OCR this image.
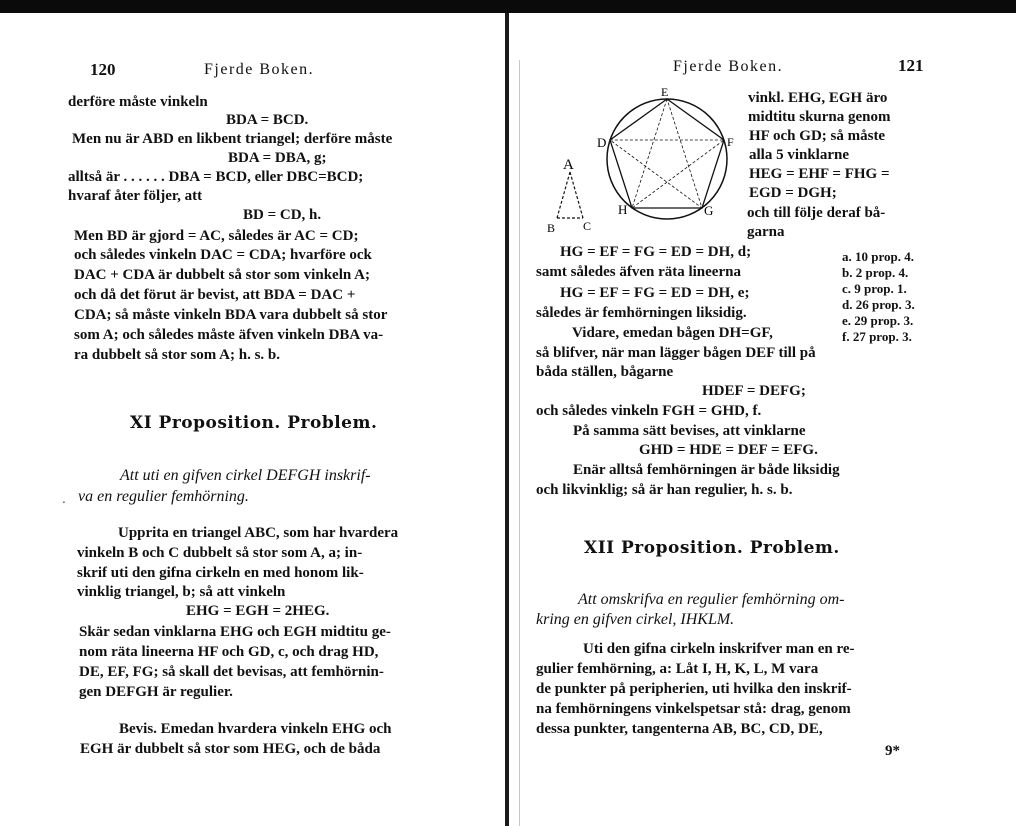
120	Fjerde Boken.

derföre måste vinkeln

BDA = BCD.

Men nu är ABD en likbent triangel; derföre måste

BDA = DBA, g;

alltså är . . . . . . DBA = BCD, eller DBC=BCD;

hvaraf åter följer, att

BD = CD, h.

Men BD är gjord = AC, således är AC = CD;

och således vinkeln DAC = CDA; hvarföre ock

DAC + CDA är dubbelt så stor som vinkeln A;

och då det förut är bevist, att BDA = DAC +

CDA; så måste vinkeln BDA vara dubbelt så stor

som A; och således måste äfven vinkeln DBA va-

ra dubbelt så stor som A; h. s. b.

XI Proposition. Problem.

Att uti en gifven cirkel DEFGH inskrif-

va en regulier femhörning.

.

Upprita en triangel ABC, som har hvardera

vinkeln B och C dubbelt så stor som A, a; in-

skrif uti den gifna cirkeln en med honom lik-

vinklig triangel, b; så att vinkeln

EHG = EGH = 2HEG.

Skär sedan vinklarna EHG och EGH midtitu ge-

nom räta lineerna HF och GD, c, och drag HD,

DE, EF, FG; så skall det bevisas, att femhörnin-

gen DEFGH är regulier.

Bevis. Emedan hvardera vinkeln EHG och

EGH är dubbelt så stor som HEG, och de båda

Fjerde Boken.	121

A
B C
E
D	F
H	G

vinkl. EHG, EGH äro

midtitu skurna genom

HF och GD; så måste

alla 5 vinklarne

HEG = EHF = FHG =

EGD = DGH;

och till följe deraf bå-

garna

HG = EF = FG = ED = DH, d;

samt således äfven räta lineerna

HG = EF = FG = ED = DH, e;

således är femhörningen liksidig.

Vidare, emedan bågen DH=GF,

så blifver, när man lägger bågen DEF till på

båda ställen, bågarne

HDEF = DEFG;

och således vinkeln FGH = GHD, f.

På samma sätt bevises, att vinklarne

GHD = HDE = DEF = EFG.

Enär alltså femhörningen är både liksidig

och likvinklig; så är han regulier, h. s. b.

a. 10 prop. 4.

b. 2 prop. 4.

c. 9 prop. 1.

d. 26 prop. 3.

e. 29 prop. 3.

f. 27 prop. 3.

XII Proposition. Problem.

Att omskrifva en regulier femhörning om-

kring en gifven cirkel, IHKLM.

Uti den gifna cirkeln inskrifver man en re-

gulier femhörning, a: Låt I, H, K, L, M vara

de punkter på peripherien, uti hvilka den inskrif-

na femhörningens vinkelspetsar stå: drag, genom

dessa punkter, tangenterna AB, BC, CD, DE,

9*
